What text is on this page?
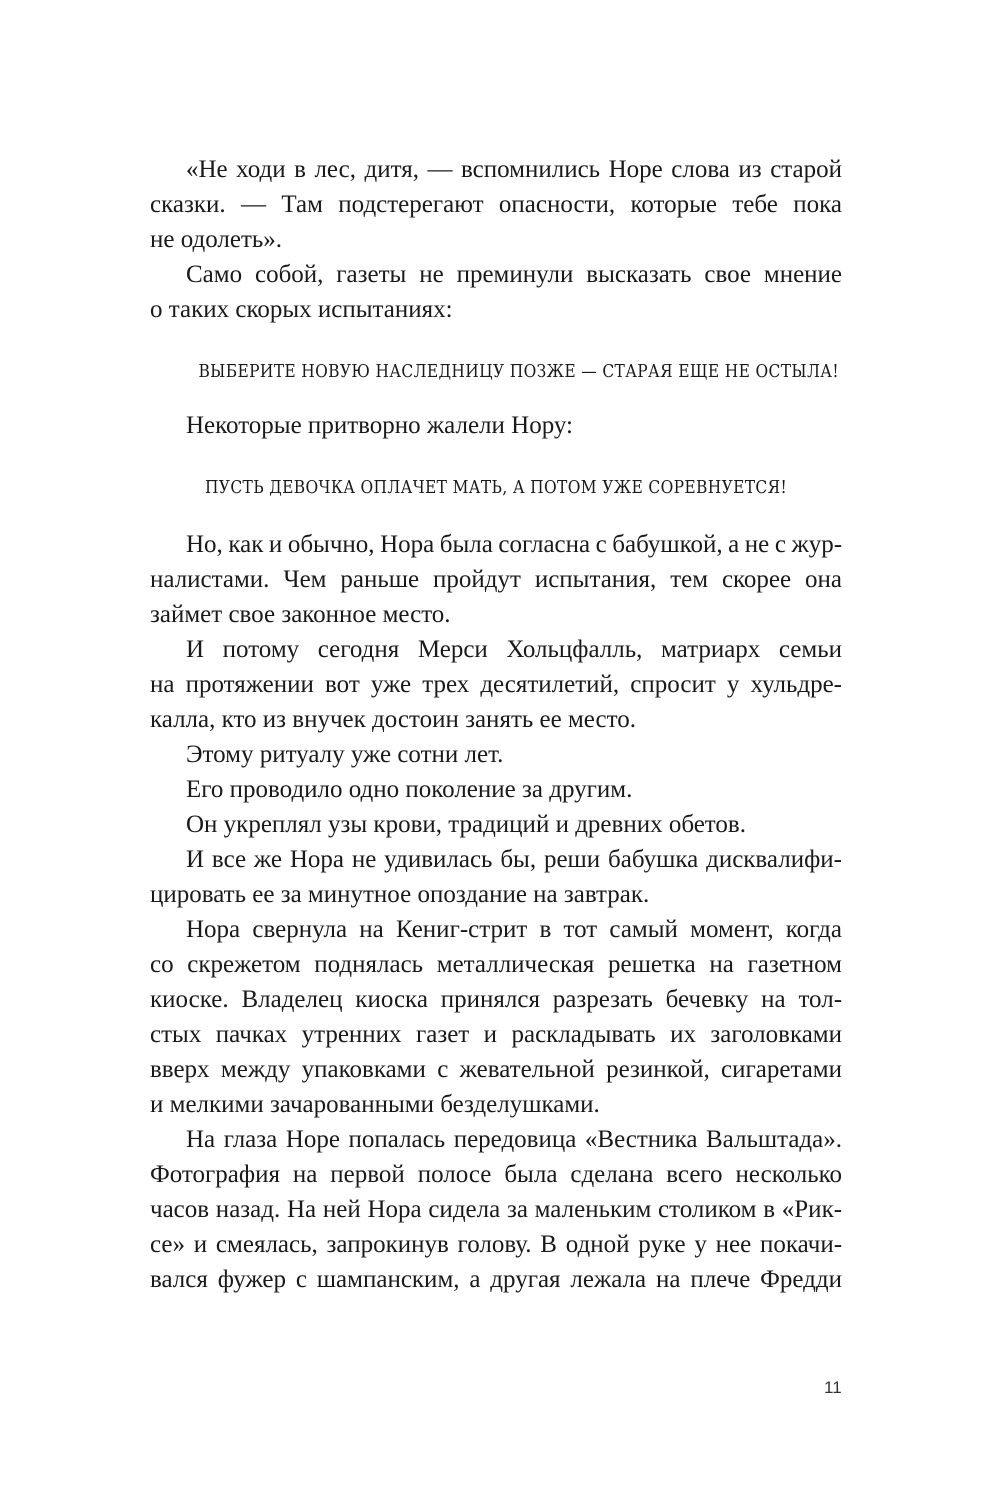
«Не ходи в лес, дитя, — вспомнились Норе слова из старой
сказки. — Там подстерегают опасности, которые тебе пока
не одолеть».
Само собой, газеты не преминули высказать свое мнение
о таких скорых испытаниях:

ВЫБЕРИТЕ НОВУЮ НАСЛЕДНИЦУ ПОЗЖЕ — СТАРАЯ ЕЩЕ НЕ ОСТЫЛА!

Некоторые притворно жалели Нору:

ПУСТЬ ДЕВОЧКА ОПЛАЧЕТ МАТЬ, А ПОТОМ УЖЕ СОРЕВНУЕТСЯ!

Но, как и обычно, Нора была согласна с бабушкой, а не с жур-
налистами. Чем раньше пройдут испытания, тем скорее она
займет свое законное место.
И потому сегодня Мерси Хольцфалль, матриарх семьи
на протяжении вот уже трех десятилетий, спросит у хульдре-
калла, кто из внучек достоин занять ее место.
Этому ритуалу уже сотни лет.
Его проводило одно поколение за другим.
Он укреплял узы крови, традиций и древних обетов.
И все же Нора не удивилась бы, реши бабушка дисквалифи-
цировать ее за минутное опоздание на завтрак.
Нора свернула на Кениг-стрит в тот самый момент, когда
со скрежетом поднялась металлическая решетка на газетном
киоске. Владелец киоска принялся разрезать бечевку на тол-
стых пачках утренних газет и раскладывать их заголовками
вверх между упаковками с жевательной резинкой, сигаретами
и мелкими зачарованными безделушками.
На глаза Норе попалась передовица «Вестника Вальштада».
Фотография на первой полосе была сделана всего несколько
часов назад. На ней Нора сидела за маленьким столиком в «Рик-
се» и смеялась, запрокинув голову. В одной руке у нее покачи-
вался фужер с шампанским, а другая лежала на плече Фредди
11
